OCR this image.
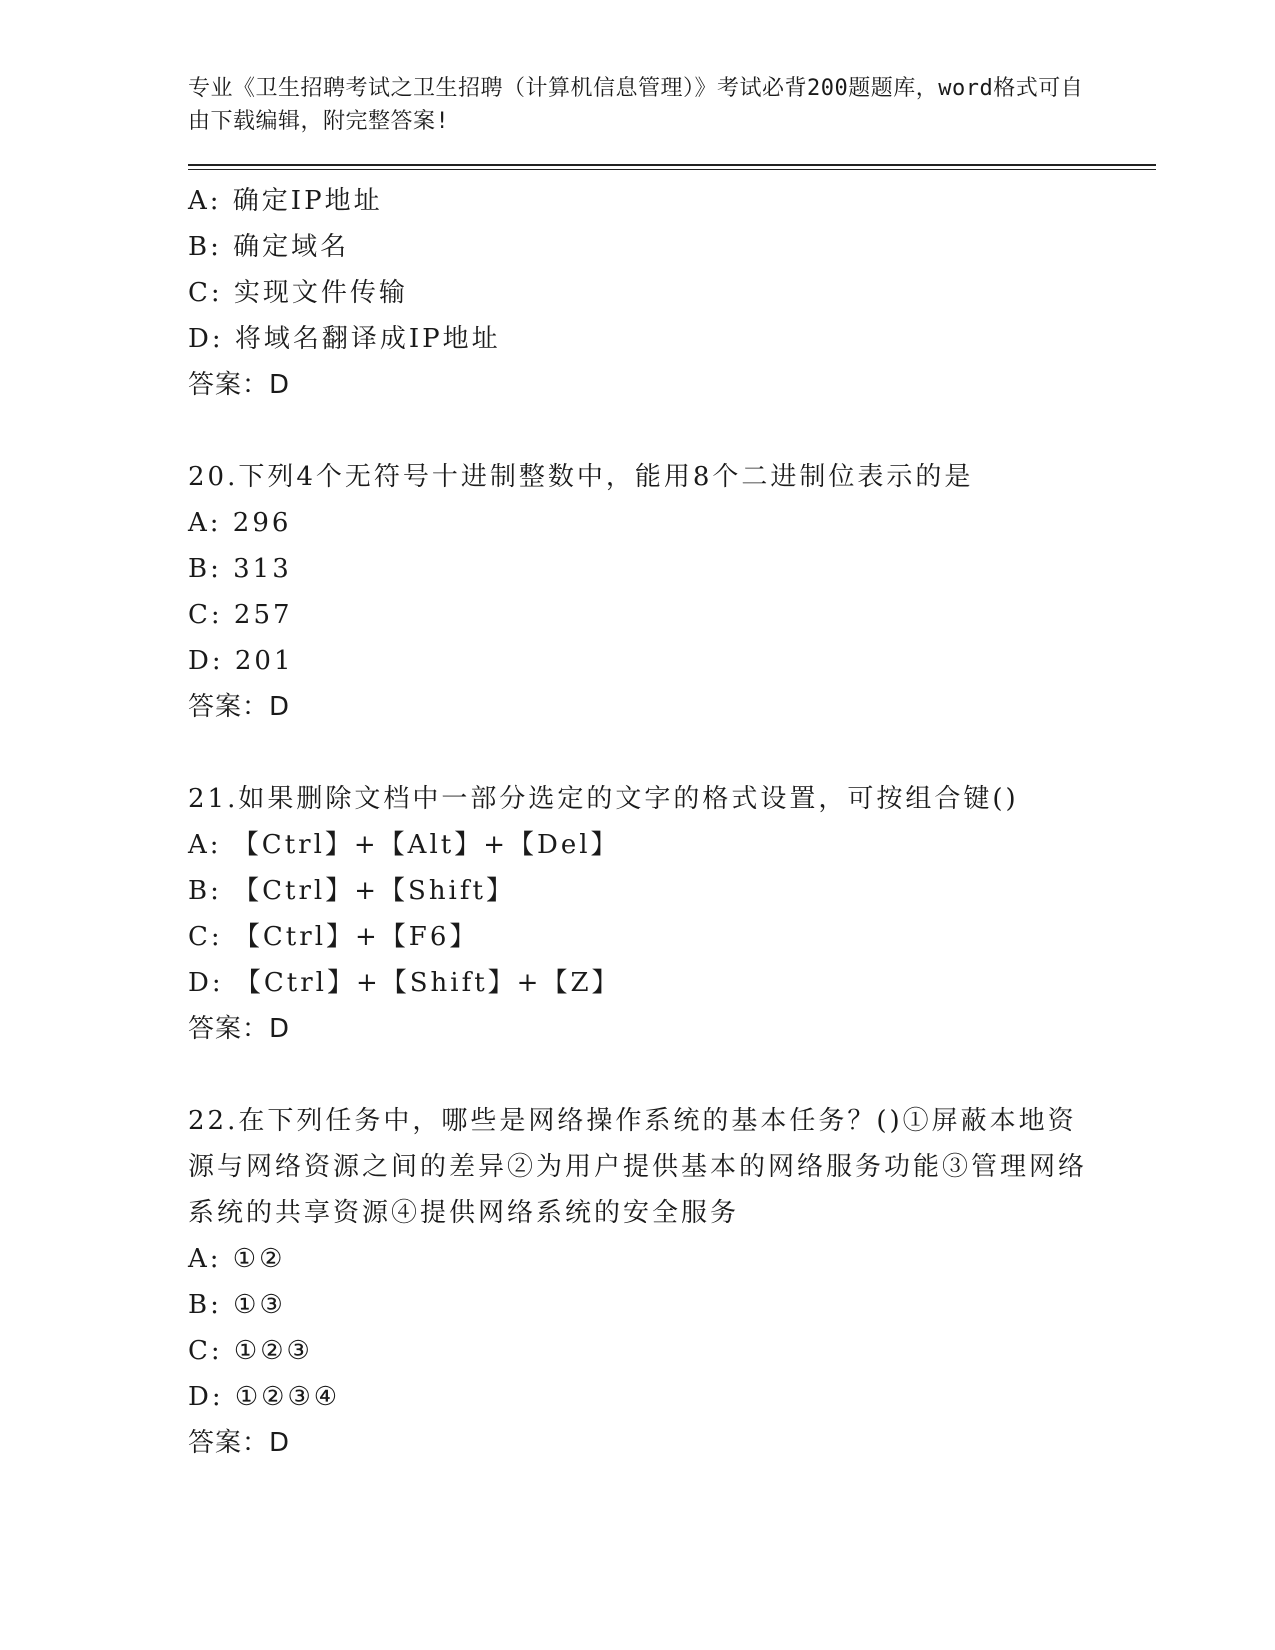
专业《卫生招聘考试之卫生招聘（计算机信息管理）》考试必背200题题库，word格式可自由下载编辑，附完整答案!
A: 确定IP地址
B: 确定域名
C: 实现文件传输
D: 将域名翻译成IP地址
答案：D
20.下列4个无符号十进制整数中，能用8个二进制位表示的是
A: 296
B: 313
C: 257
D: 201
答案：D
21.如果删除文档中一部分选定的文字的格式设置，可按组合键()
A: 【Ctrl】+【Alt】+【Del】
B: 【Ctrl】+【Shift】
C: 【Ctrl】+【F6】
D: 【Ctrl】+【Shift】+【Z】
答案：D
22.在下列任务中，哪些是网络操作系统的基本任务？()①屏蔽本地资源与网络资源之间的差异②为用户提供基本的网络服务功能③管理网络系统的共享资源④提供网络系统的安全服务
A: ①②
B: ①③
C: ①②③
D: ①②③④
答案：D
